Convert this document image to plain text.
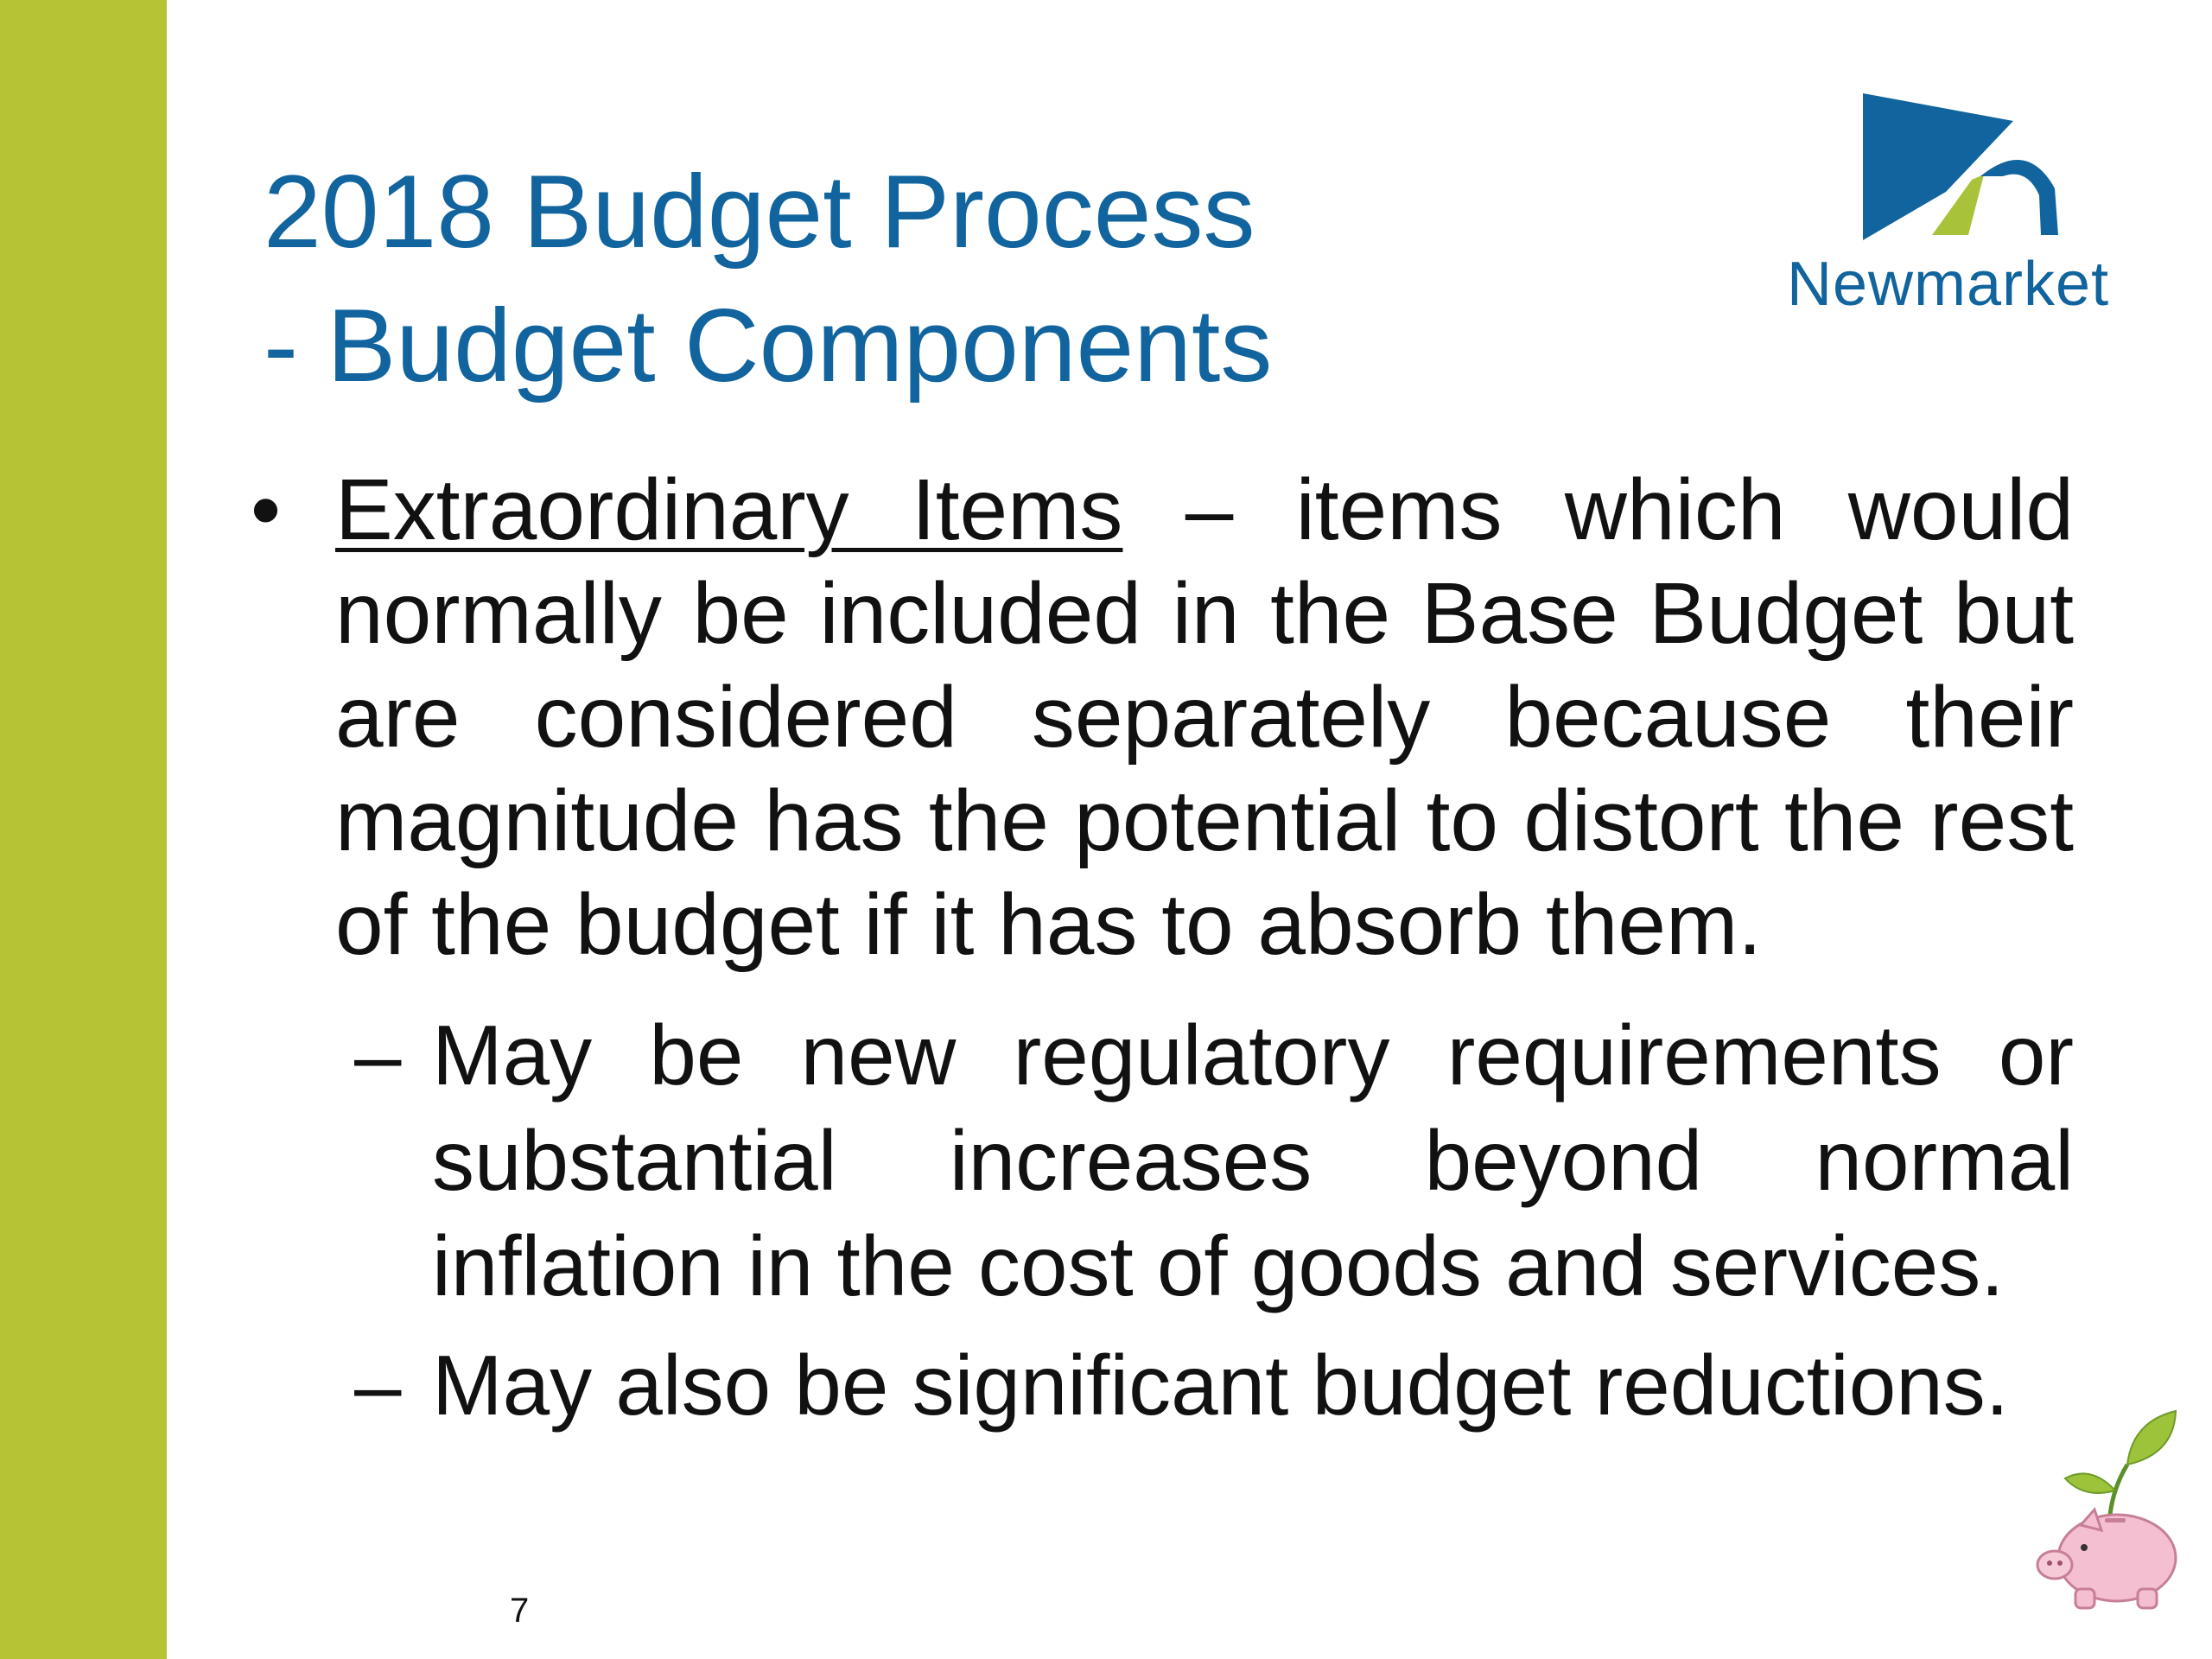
2018 Budget Process
- Budget Components
Newmarket
• Extraordinary Items – items which would normally be included in the Base Budget but are considered separately because their magnitude has the potential to distort the rest of the budget if it has to absorb them.
– May be new regulatory requirements or substantial increases beyond normal inflation in the cost of goods and services.
– May also be significant budget reductions.
7
